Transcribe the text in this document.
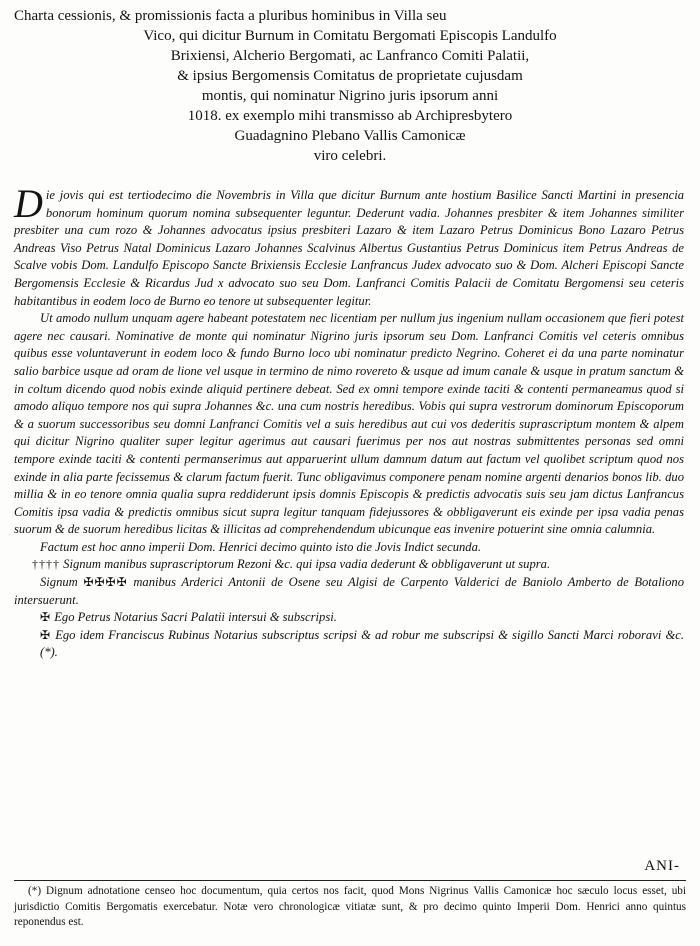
Charta cessionis, & promissionis facta a pluribus hominibus in Villa seu
Vico, qui dicitur Burnum in Comitatu Bergomati Episcopis Landulfo
Brixiensi, Alcherio Bergomati, ac Lanfranco Comiti Palatii,
& ipsius Bergomensis Comitatus de proprietate cujusdam
montis, qui nominatur Nigrino juris ipsorum anni
1018. ex exemplo mihi transmisso ab Archipresbytero
Guadagnino Plebano Vallis Camonicæ
viro celebri.

Die jovis qui est tertiodecimo die Novembris in Villa que dicitur Burnum ante hostium Basilice Sancti Martini in presencia bonorum hominum quorum nomina subsequenter leguntur. Dederunt vadia. Johannes presbiter & item Johannes similiter presbiter una cum rozo & Johannes advocatus ipsius presbiteri Lazaro & item Lazaro Petrus Dominicus Bono Lazaro Petrus Andreas Viso Petrus Natal Dominicus Lazaro Johannes Scalvinus Albertus Gustantius Petrus Dominicus item Petrus Andreas de Scalve vobis Dom. Landulfo Episcopo Sancte Brixiensis Ecclesie Lanfrancus Judex advocato suo & Dom. Alcheri Episcopi Sancte Bergomensis Ecclesie & Ricardus Jud x advocato suo seu Dom. Lanfranci Comitis Palacii de Comitatu Bergomensi seu ceteris habitantibus in eodem loco de Burno eo tenore ut subsequenter legitur.

Ut amodo nullum unquam agere habeant potestatem nec licentiam per nullum jus ingenium nullam occasionem que fieri potest agere nec causari. Nominative de monte qui nominatur Nigrino juris ipsorum seu Dom. Lanfranci Comitis vel ceteris omnibus quibus esse voluntaverunt in eodem loco & fundo Burno loco ubi nominatur predicto Negrino. Coheret ei da una parte nominatur salio barbice usque ad oram de lione vel usque in termino de nimo rovereto & usque ad imum canale & usque in pratum sanctum & in coltum dicendo quod nobis exinde aliquid pertinere debeat. Sed ex omni tempore exinde taciti & contenti permaneamus quod si amodo aliquo tempore nos qui supra Johannes &c. una cum nostris heredibus. Vobis qui supra vestrorum dominorum Episcoporum & a suorum successoribus seu domni Lanfranci Comitis vel a suis heredibus aut cui vos dederitis suprascriptum montem & alpem qui dicitur Nigrino qualiter super legitur agerimus aut causari fuerimus per nos aut nostras submittentes personas sed omni tempore exinde taciti & contenti permanserimus aut apparuerint ullum damnum datum aut factum vel quolibet scriptum quod nos exinde in alia parte fecissemus & clarum factum fuerit. Tunc obligavimus componere penam nomine argenti denarios bonos lib. duo millia & in eo tenore omnia qualia supra reddiderunt ipsis domnis Episcopis & predictis advocatis suis seu jam dictus Lanfrancus Comitis ipsa vadia & predictis omnibus sicut supra legitur tanquam fidejussores & obbligaverunt eis exinde per ipsa vadia penas suorum & de suorum heredibus licitas & illicitas ad comprehendendum ubicunque eas invenire potuerint sine omnia calumnia.

Factum est hoc anno imperii Dom. Henrici decimo quinto isto die Jovis Indict secunda.

†††† Signum manibus suprascriptorum Rezoni &c. qui ipsa vadia dederunt & obbligaverunt ut supra.

Signum ✠✠✠✠ manibus Arderici Antonii de Osene seu Algisi de Carpento Valderici de Baniolo Amberto de Botaliono intersuerunt.

✠ Ego Petrus Notarius Sacri Palatii intersui & subscripsi.

✠ Ego idem Franciscus Rubinus Notarius subscriptus scripsi & ad robur me subscripsi & sigillo Sancti Marci roboravi &c. (*).

ANI-

(*) Dignum adnotatione censeo hoc documentum, quia certos nos facit, quod Mons Nigrinus Vallis Camonicæ hoc sæculo locus esset, ubi jurisdictio Comitis Bergomatis exercebatur. Notæ vero chronologicæ vitiatæ sunt, & pro decimo quinto Imperii Dom. Henrici anno quintus reponendus est.
